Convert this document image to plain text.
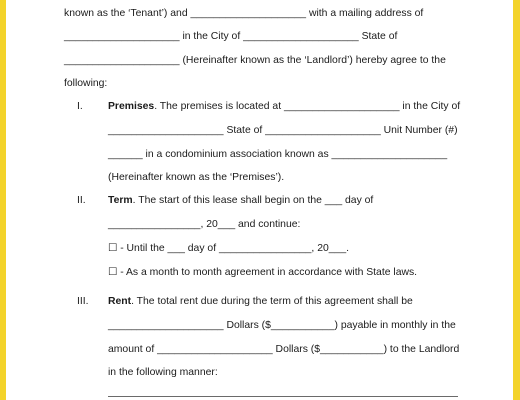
known as the ‘Tenant’) and ____________________ with a mailing address of
____________________ in the City of ____________________ State of
____________________ (Hereinafter known as the ‘Landlord’) hereby agree to the
following:
I. Premises. The premises is located at ____________________ in the City of
____________________ State of ____________________ Unit Number (#)
______ in a condominium association known as ____________________
(Hereinafter known as the ‘Premises’).
II. Term. The start of this lease shall begin on the ___ day of
________________, 20___ and continue:
☐ - Until the ___ day of ________________, 20___.
☐ - As a month to month agreement in accordance with State laws.
III. Rent. The total rent due during the term of this agreement shall be
____________________ Dollars ($___________) payable in monthly in the
amount of ____________________ Dollars ($___________) to the Landlord
in the following manner:
